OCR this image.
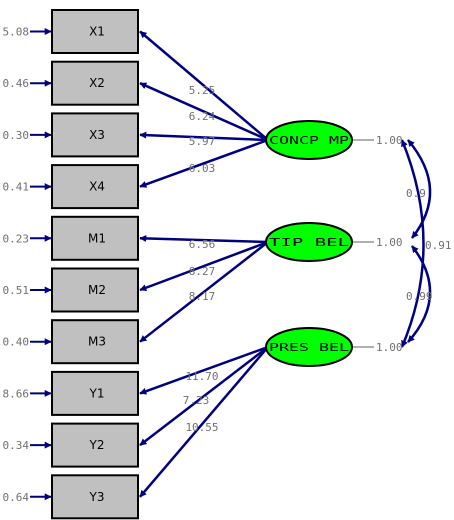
5.08	X1
0.46	X2
0.30	X3
0.41	X4
0.23	M1
0.51	M2
0.40	M3
8.66	Y1
0.34	Y2
0.64	Y3
5.25
6.24
5.97
6.03
6.56
8.27
8.17
11.70
7.23
10.55
1.00
1.00
1.00
0.9
0.99
0.91
CONCP MP
TIP BEL
PRES BEL
